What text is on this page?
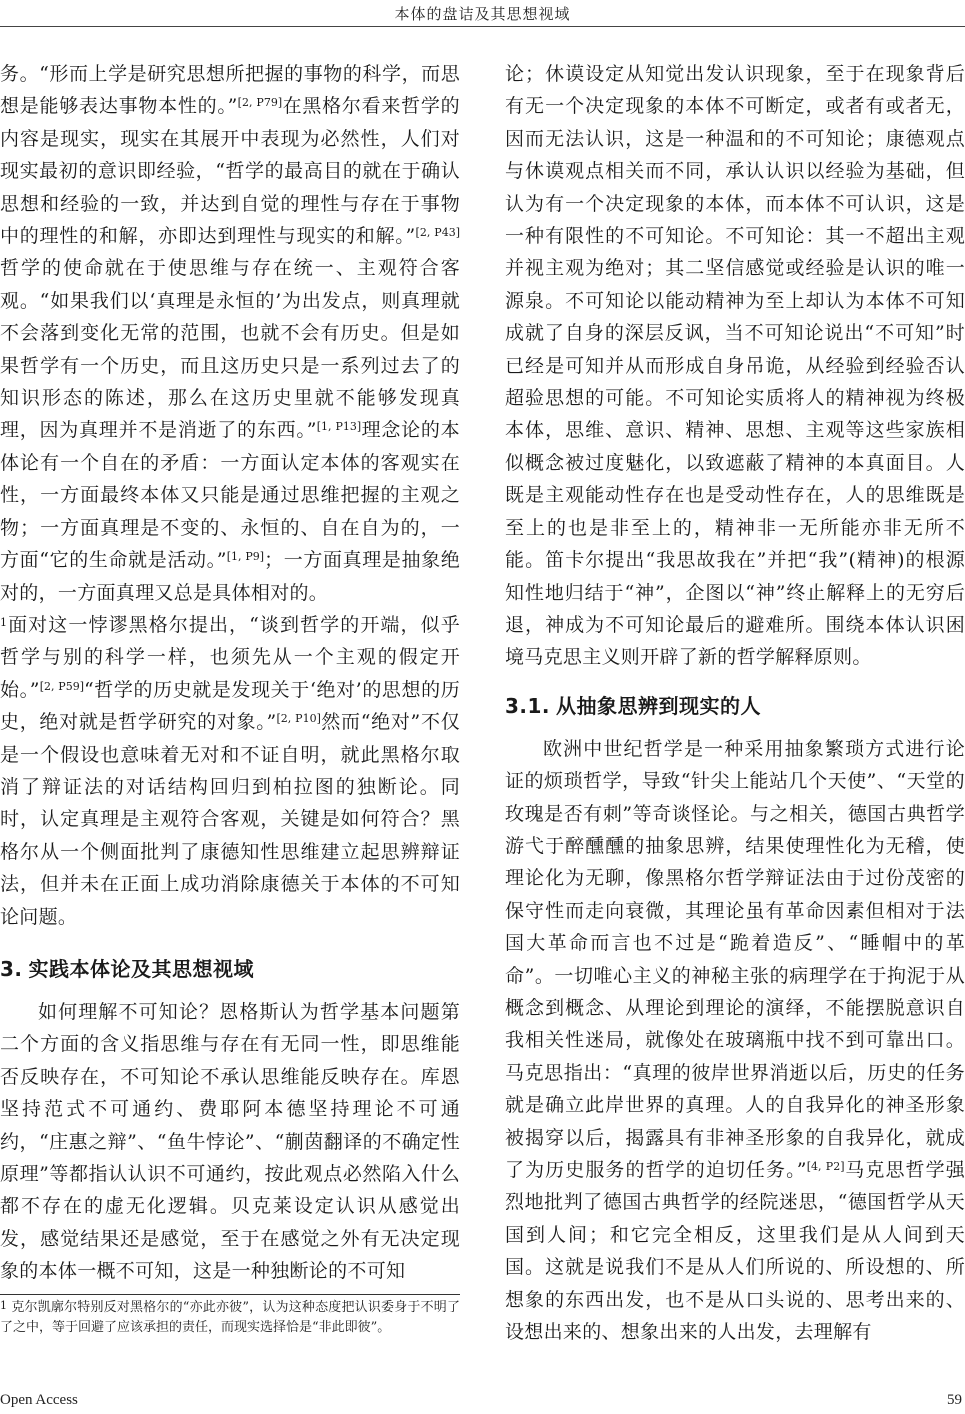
本体的盘诘及其思想视域

务。“形而上学是研究思想所把握的事物的科学，而思想是能够表达事物本性的。”[2, P79]在黑格尔看来哲学的内容是现实，现实在其展开中表现为必然性，人们对现实最初的意识即经验，“哲学的最高目的就在于确认思想和经验的一致，并达到自觉的理性与存在于事物中的理性的和解，亦即达到理性与现实的和解。”[2, P43]哲学的使命就在于使思维与存在统一、主观符合客观。“如果我们以‘真理是永恒的’为出发点，则真理就不会落到变化无常的范围，也就不会有历史。但是如果哲学有一个历史，而且这历史只是一系列过去了的知识形态的陈述，那么在这历史里就不能够发现真理，因为真理并不是消逝了的东西。”[1, P13]理念论的本体论有一个自在的矛盾：一方面认定本体的客观实在性，一方面最终本体又只能是通过思维把握的主观之物；一方面真理是不变的、永恒的、自在自为的，一方面“它的生命就是活动。”[1, P9]；一方面真理是抽象绝对的，一方面真理又总是具体相对的。

$^1$面对这一悖谬黑格尔提出，“谈到哲学的开端，似乎哲学与别的科学一样，也须先从一个主观的假定开始。”[2, P59]“哲学的历史就是发现关于‘绝对’的思想的历史，绝对就是哲学研究的对象。”[2, P10]然而“绝对”不仅是一个假设也意味着无对和不证自明，就此黑格尔取消了辩证法的对话结构回归到柏拉图的独断论。同时，认定真理是主观符合客观，关键是如何符合？黑格尔从一个侧面批判了康德知性思维建立起思辨辩证法，但并未在正面上成功消除康德关于本体的不可知论问题。

3. 实践本体论及其思想视域

如何理解不可知论？恩格斯认为哲学基本问题第二个方面的含义指思维与存在有无同一性，即思维能否反映存在，不可知论不承认思维能反映存在。库恩坚持范式不可通约、费耶阿本德坚持理论不可通约，“庄惠之辩”、“鱼牛悖论”、“蒯茵翻译的不确定性原理”等都指认认识不可通约，按此观点必然陷入什么都不存在的虚无化逻辑。贝克莱设定认识从感觉出发，感觉结果还是感觉，至于在感觉之外有无决定现象的本体一概不可知，这是一种独断论的不可知

$^1$ 克尔凯廓尔特别反对黑格尔的“亦此亦彼”，认为这种态度把认识委身于不明了了之中，等于回避了应该承担的责任，而现实选择恰是“非此即彼”。

论；休谟设定从知觉出发认识现象，至于在现象背后有无一个决定现象的本体不可断定，或者有或者无，因而无法认识，这是一种温和的不可知论；康德观点与休谟观点相关而不同，承认认识以经验为基础，但认为有一个决定现象的本体，而本体不可认识，这是一种有限性的不可知论。不可知论：其一不超出主观并视主观为绝对；其二坚信感觉或经验是认识的唯一源泉。不可知论以能动精神为至上却认为本体不可知成就了自身的深层反讽，当不可知论说出“不可知”时已经是可知并从而形成自身吊诡，从经验到经验否认超验思想的可能。不可知论实质将人的精神视为终极本体，思维、意识、精神、思想、主观等这些家族相似概念被过度魅化，以致遮蔽了精神的本真面目。人既是主观能动性存在也是受动性存在，人的思维既是至上的也是非至上的，精神非一无所能亦非无所不能。笛卡尔提出“我思故我在”并把“我”(精神)的根源知性地归结于“神”，企图以“神”终止解释上的无穷后退，神成为不可知论最后的避难所。围绕本体认识困境马克思主义则开辟了新的哲学解释原则。

3.1. 从抽象思辨到现实的人

欧洲中世纪哲学是一种采用抽象繁琐方式进行论证的烦琐哲学，导致“针尖上能站几个天使”、“天堂的玫瑰是否有刺”等奇谈怪论。与之相关，德国古典哲学游弋于醉醺醺的抽象思辨，结果使理性化为无稽，使理论化为无聊，像黑格尔哲学辩证法由于过份茂密的保守性而走向衰微，其理论虽有革命因素但相对于法国大革命而言也不过是“跪着造反”、“睡帽中的革命”。一切唯心主义的神秘主张的病理学在于拘泥于从概念到概念、从理论到理论的演绎，不能摆脱意识自我相关性迷局，就像处在玻璃瓶中找不到可靠出口。马克思指出：“真理的彼岸世界消逝以后，历史的任务就是确立此岸世界的真理。人的自我异化的神圣形象被揭穿以后，揭露具有非神圣形象的自我异化，就成了为历史服务的哲学的迫切任务。”[4, P2]马克思哲学强烈地批判了德国古典哲学的经院迷思，“德国哲学从天国到人间；和它完全相反，这里我们是从人间到天国。这就是说我们不是从人们所说的、所设想的、所想象的东西出发，也不是从口头说的、思考出来的、设想出来的、想象出来的人出发，去理解有

Open Access	59
